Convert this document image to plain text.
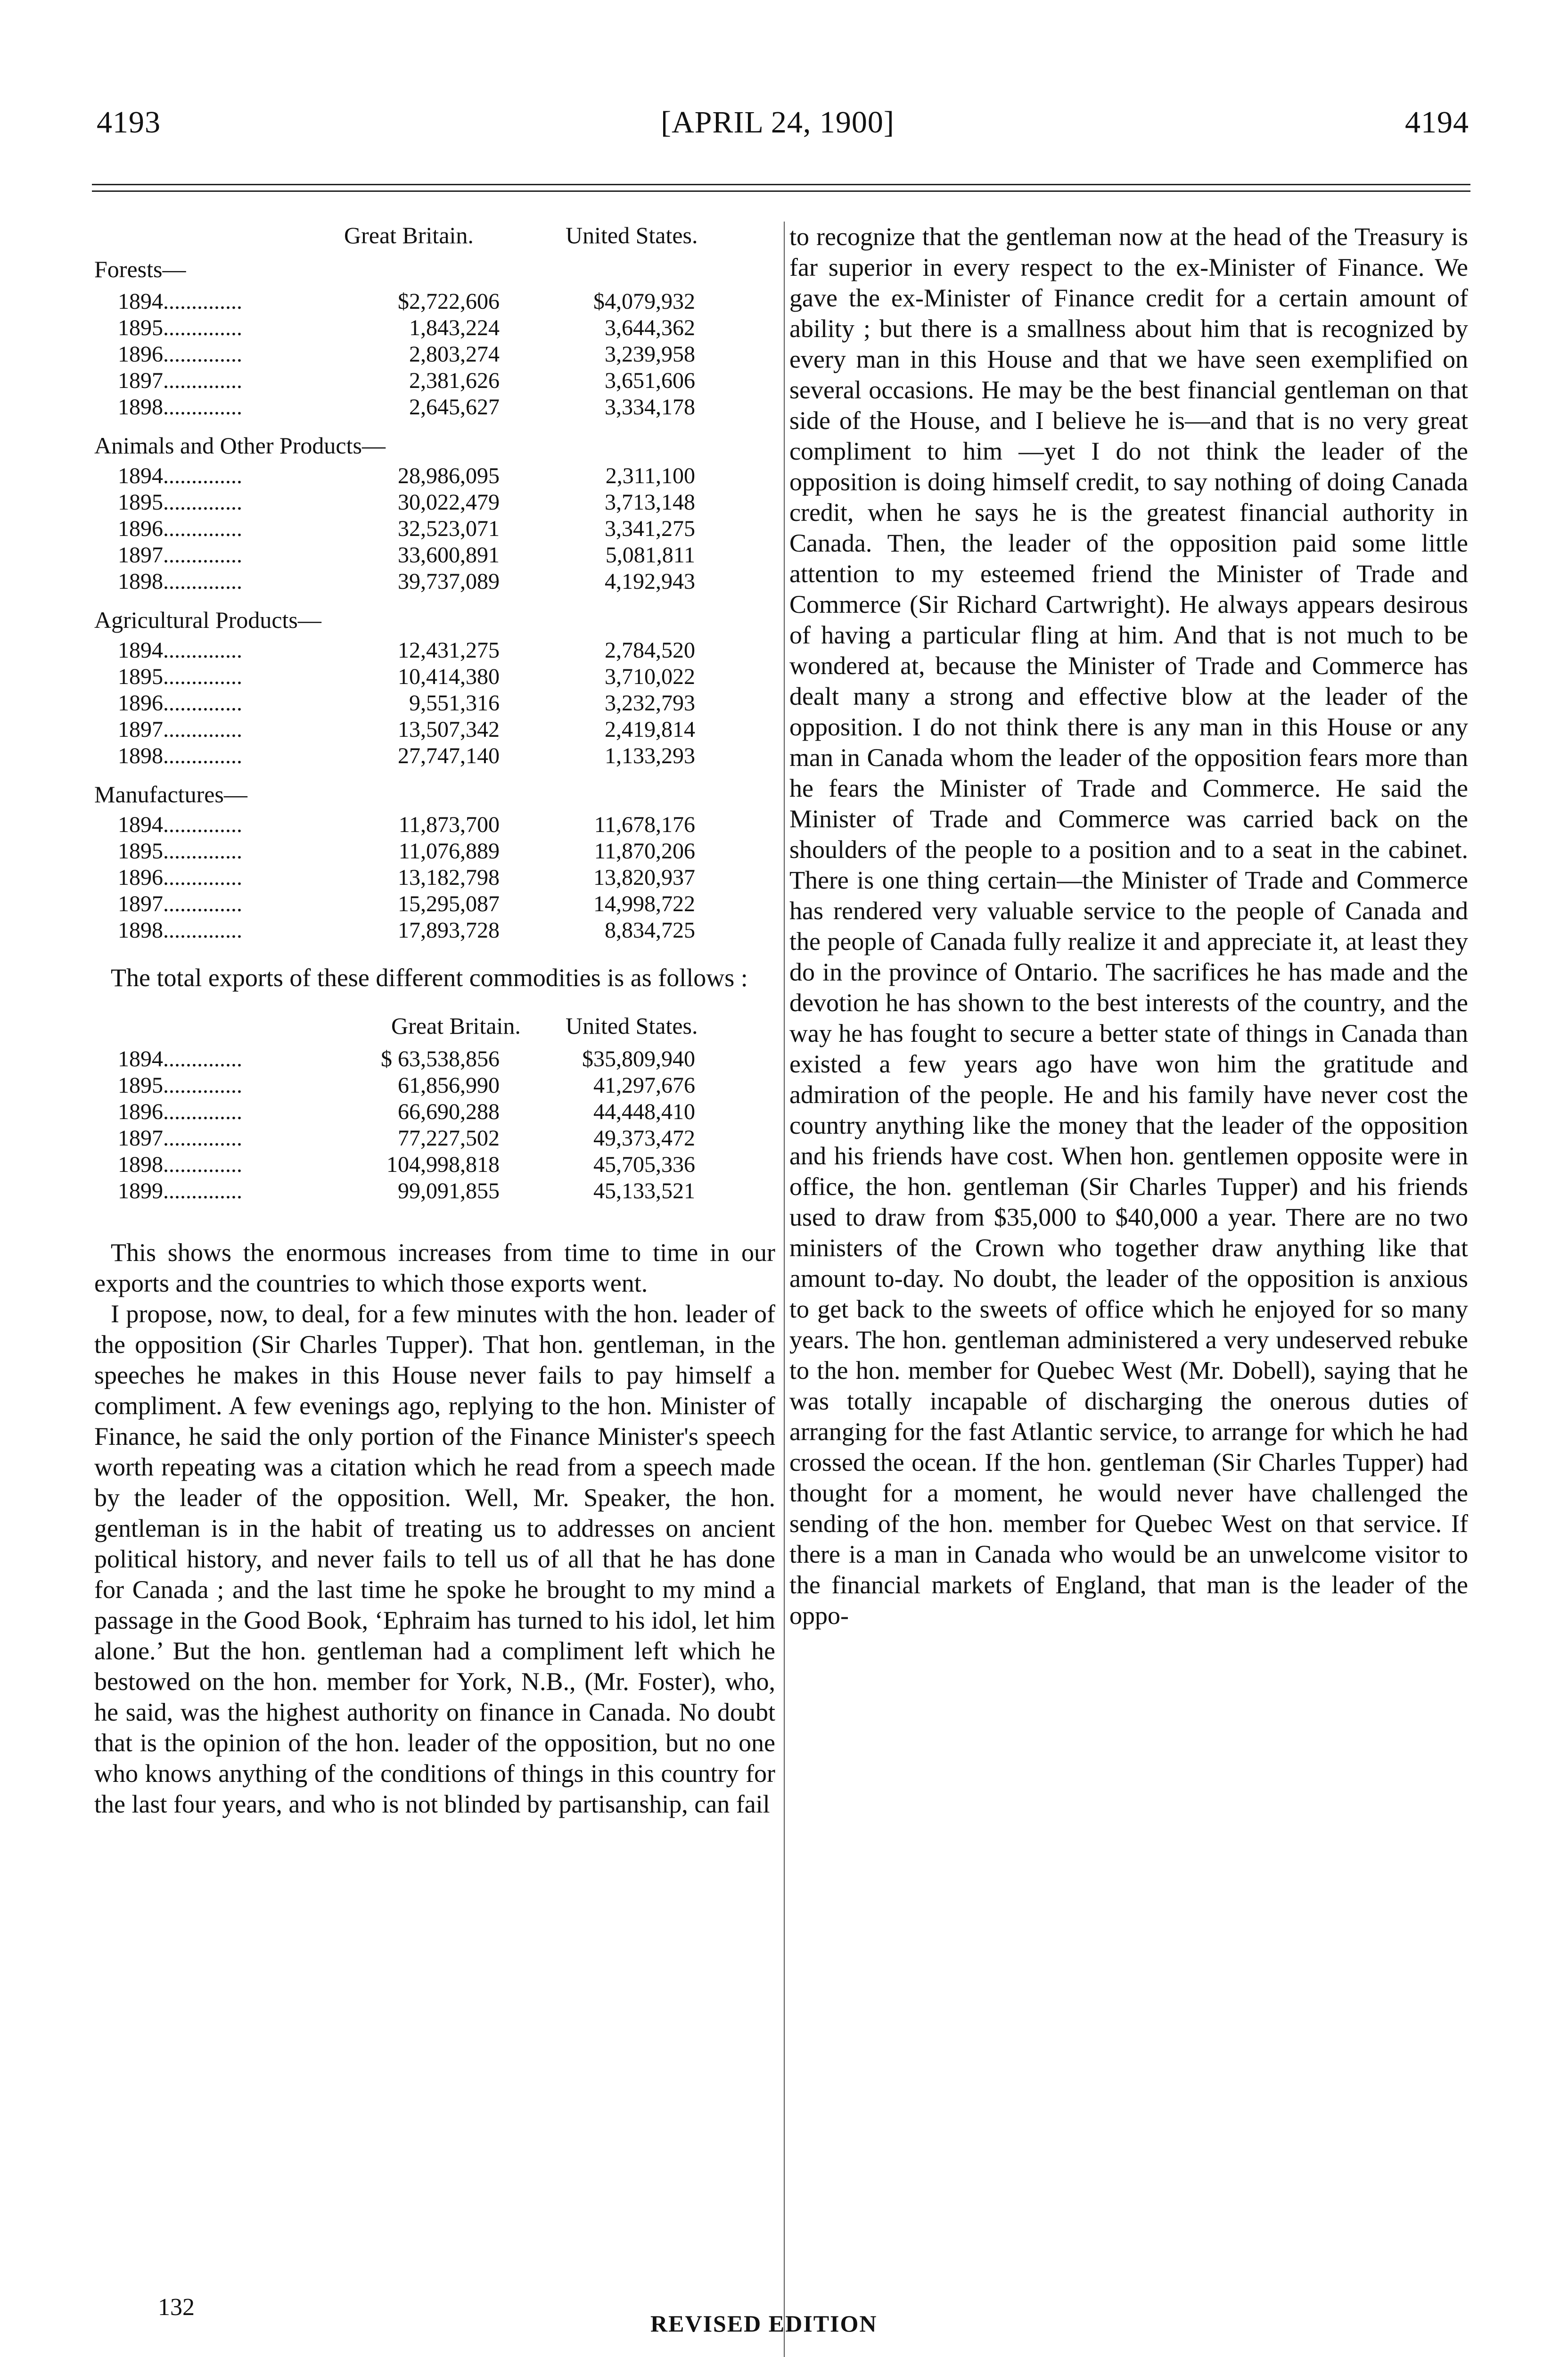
4193	[APRIL 24, 1900]	4194
Great Britain.	United States.
Forests—
1894..............	$2,722,606	$4,079,932
1895..............	1,843,224	3,644,362
1896..............	2,803,274	3,239,958
1897..............	2,381,626	3,651,606
1898..............	2,645,627	3,334,178
Animals and Other Products—
1894..............	28,986,095	2,311,100
1895..............	30,022,479	3,713,148
1896..............	32,523,071	3,341,275
1897..............	33,600,891	5,081,811
1898..............	39,737,089	4,192,943
Agricultural Products—
1894..............	12,431,275	2,784,520
1895..............	10,414,380	3,710,022
1896..............	9,551,316	3,232,793
1897..............	13,507,342	2,419,814
1898..............	27,747,140	1,133,293
Manufactures—
1894..............	11,873,700	11,678,176
1895..............	11,076,889	11,870,206
1896..............	13,182,798	13,820,937
1897..............	15,295,087	14,998,722
1898..............	17,893,728	8,834,725

The total exports of these different commodities is as follows :

Great Britain. United States.
1894..............	$ 63,538,856	$35,809,940
1895..............	61,856,990	41,297,676
1896..............	66,690,288	44,448,410
1897..............	77,227,502	49,373,472
1898..............	104,998,818	45,705,336
1899..............	99,091,855	45,133,521

This shows the enormous increases from time to time in our exports and the countries to which those exports went.

I propose, now, to deal, for a few minutes with the hon. leader of the opposition (Sir Charles Tupper). That hon. gentleman, in the speeches he makes in this House never fails to pay himself a compliment. A few evenings ago, replying to the hon. Minister of Finance, he said the only portion of the Finance Minister's speech worth repeating was a citation which he read from a speech made by the leader of the opposition. Well, Mr. Speaker, the hon. gentleman is in the habit of treating us to addresses on ancient political history, and never fails to tell us of all that he has done for Canada ; and the last time he spoke he brought to my mind a passage in the Good Book, ‘Ephraim has turned to his idol, let him alone.’ But the hon. gentleman had a compliment left which he bestowed on the hon. member for York, N.B., (Mr. Foster), who, he said, was the highest authority on finance in Canada. No doubt that is the opinion of the hon. leader of the opposition, but no one who knows anything of the conditions of things in this country for the last four years, and who is not blinded by partisanship, can fail

to recognize that the gentleman now at the head of the Treasury is far superior in every respect to the ex-Minister of Finance. We gave the ex-Minister of Finance credit for a certain amount of ability ; but there is a smallness about him that is recognized by every man in this House and that we have seen exemplified on several occasions. He may be the best financial gentleman on that side of the House, and I believe he is—and that is no very great compliment to him —yet I do not think the leader of the opposition is doing himself credit, to say nothing of doing Canada credit, when he says he is the greatest financial authority in Canada. Then, the leader of the opposition paid some little attention to my esteemed friend the Minister of Trade and Commerce (Sir Richard Cartwright). He always appears desirous of having a particular fling at him. And that is not much to be wondered at, because the Minister of Trade and Commerce has dealt many a strong and effective blow at the leader of the opposition. I do not think there is any man in this House or any man in Canada whom the leader of the opposition fears more than he fears the Minister of Trade and Commerce. He said the Minister of Trade and Commerce was carried back on the shoulders of the people to a position and to a seat in the cabinet. There is one thing certain—the Minister of Trade and Commerce has rendered very valuable service to the people of Canada and the people of Canada fully realize it and appreciate it, at least they do in the province of Ontario. The sacrifices he has made and the devotion he has shown to the best interests of the country, and the way he has fought to secure a better state of things in Canada than existed a few years ago have won him the gratitude and admiration of the people. He and his family have never cost the country anything like the money that the leader of the opposition and his friends have cost. When hon. gentlemen opposite were in office, the hon. gentleman (Sir Charles Tupper) and his friends used to draw from $35,000 to $40,000 a year. There are no two ministers of the Crown who together draw anything like that amount to-day. No doubt, the leader of the opposition is anxious to get back to the sweets of office which he enjoyed for so many years. The hon. gentleman administered a very undeserved rebuke to the hon. member for Quebec West (Mr. Dobell), saying that he was totally incapable of discharging the onerous duties of arranging for the fast Atlantic service, to arrange for which he had crossed the ocean. If the hon. gentleman (Sir Charles Tupper) had thought for a moment, he would never have challenged the sending of the hon. member for Quebec West on that service. If there is a man in Canada who would be an unwelcome visitor to the financial markets of England, that man is the leader of the oppo-

132
REVISED EDITION
